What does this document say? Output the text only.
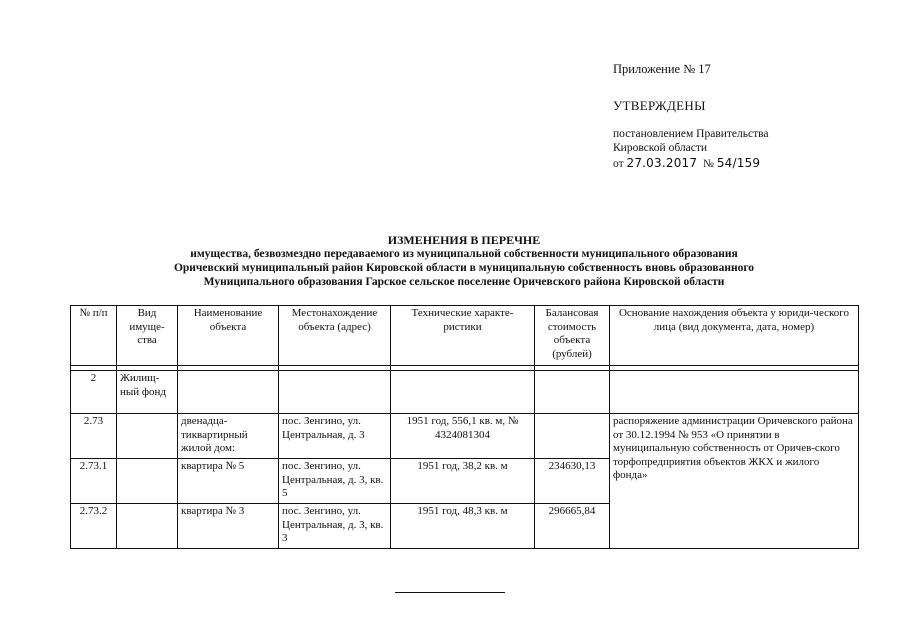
Приложение № 17
УТВЕРЖДЕНЫ
постановлением Правительства
Кировской области
от 27.03.2017 № 54/159
ИЗМЕНЕНИЯ В ПЕРЕЧНЕ
имущества, безвозмездно передаваемого из муниципальной собственности муниципального образования
Оричевский муниципальный район Кировской области в муниципальную собственность вновь образованного
Муниципального образования Гарское сельское поселение Оричевского района Кировской области
№ п/п	Вид имуще-ства	Наименование объекта	Местонахождение объекта (адрес)	Технические характе-ристики	Балансовая стоимость объекта (рублей)	Основание нахождения объекта у юриди-ческого лица (вид документа, дата, номер)

2	Жилищ-ный фонд					
2.73		двенадца-тиквартирный жилой дом:	пос. Зенгино, ул. Центральная, д. 3	1951 год, 556,1 кв. м, № 4324081304		распоряжение администрации Оричевского района от 30.12.1994 № 953 «О принятии в муниципальную собственность от Оричев-ского торфопредприятия объектов ЖКХ и жилого фонда»
2.73.1		квартира № 5	пос. Зенгино, ул. Центральная, д. 3, кв. 5	1951 год, 38,2 кв. м	234630,13	
2.73.2		квартира № 3	пос. Зенгино, ул. Центральная, д. 3, кв. 3	1951 год, 48,3 кв. м	296665,84	
